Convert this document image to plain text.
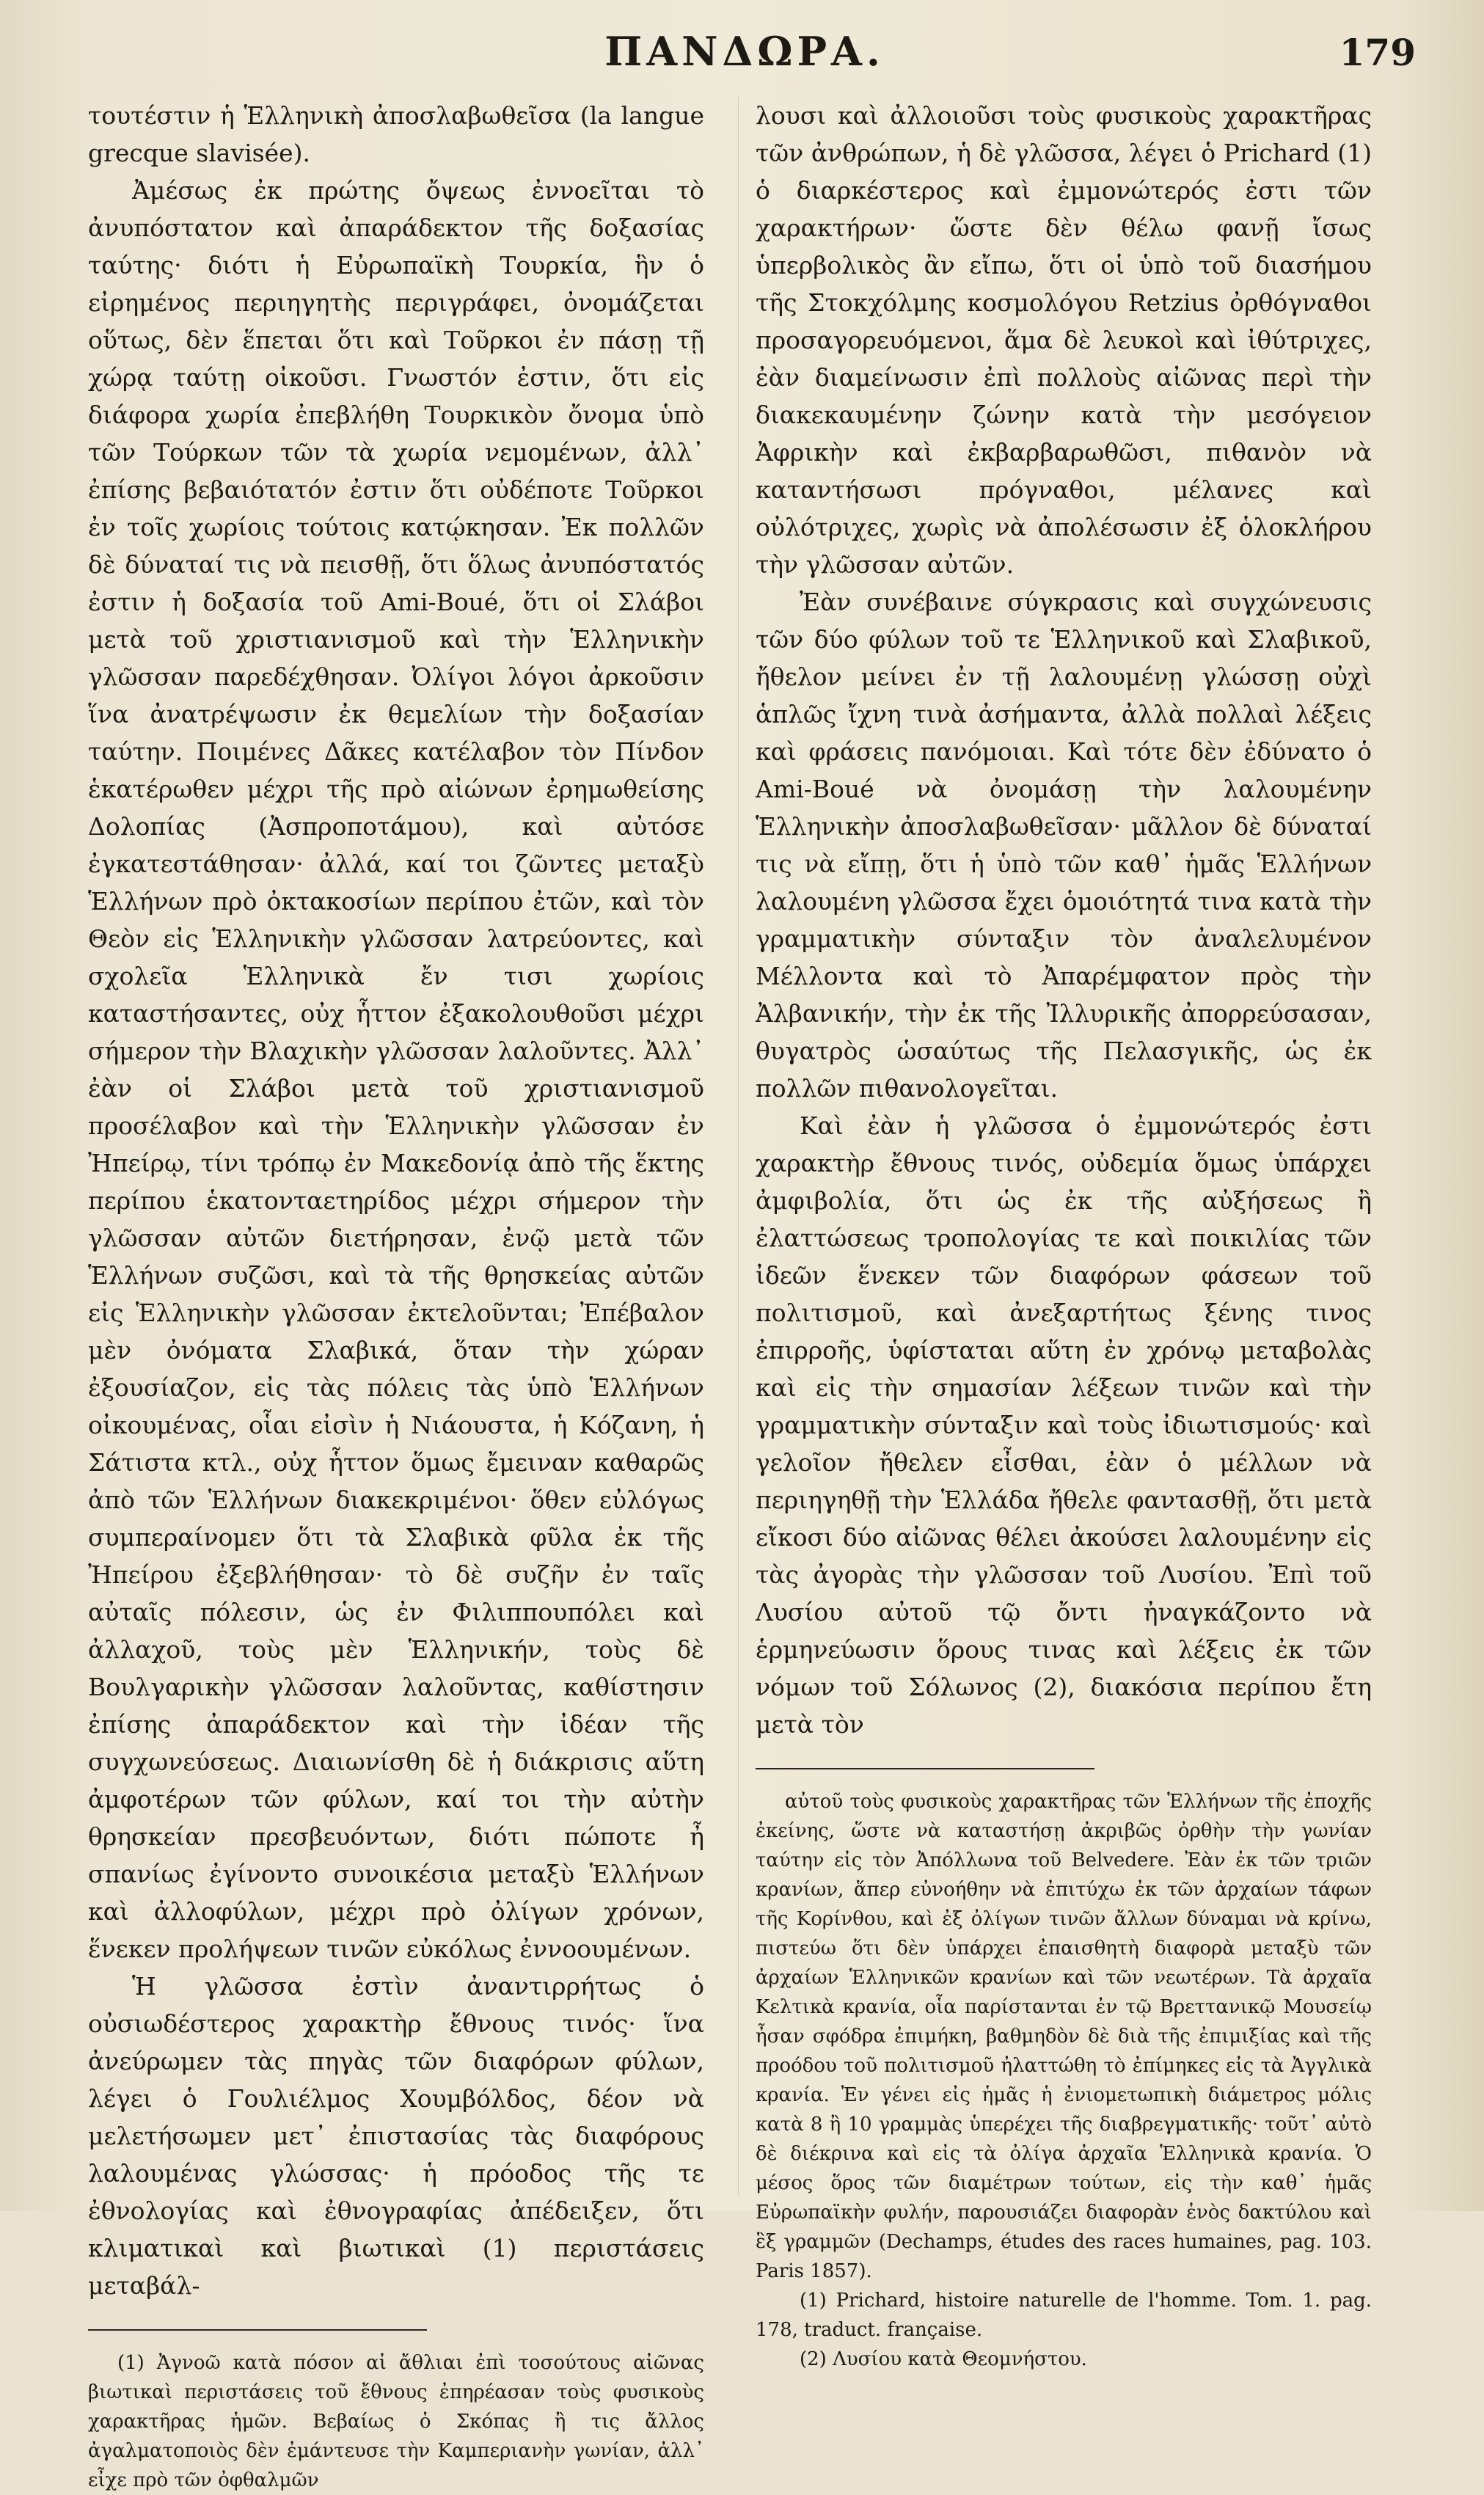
ΠΑΝΔΩΡΑ.	179

τουτέστιν ἡ Ἑλληνικὴ ἀποσλαβωθεῖσα (la langue grecque slavisée).

Ἀμέσως ἐκ πρώτης ὄψεως ἐννοεῖται τὸ ἀνυπόστατον καὶ ἀπαράδεκτον τῆς δοξασίας ταύτης· διότι ἡ Εὐρωπαϊκὴ Τουρκία, ἣν ὁ εἰρημένος περιηγητὴς περιγράφει, ὀνομάζεται οὕτως, δὲν ἕπεται ὅτι καὶ Τοῦρκοι ἐν πάσῃ τῇ χώρᾳ ταύτῃ οἰκοῦσι. Γνωστόν ἐστιν, ὅτι εἰς διάφορα χωρία ἐπεβλήθη Τουρκικὸν ὄνομα ὑπὸ τῶν Τούρκων τῶν τὰ χωρία νεμομένων, ἀλλ᾽ ἐπίσης βεβαιότατόν ἐστιν ὅτι οὐδέποτε Τοῦρκοι ἐν τοῖς χωρίοις τούτοις κατῴκησαν. Ἐκ πολλῶν δὲ δύναταί τις νὰ πεισθῇ, ὅτι ὅλως ἀνυπόστατός ἐστιν ἡ δοξασία τοῦ Ami-Boué, ὅτι οἱ Σλάβοι μετὰ τοῦ χριστιανισμοῦ καὶ τὴν Ἑλληνικὴν γλῶσσαν παρεδέχθησαν. Ὀλίγοι λόγοι ἀρκοῦσιν ἵνα ἀνατρέψωσιν ἐκ θεμελίων τὴν δοξασίαν ταύτην. Ποιμένες Δᾶκες κατέλαβον τὸν Πίνδον ἑκατέρωθεν μέχρι τῆς πρὸ αἰώνων ἐρημωθείσης Δολοπίας (Ἀσπροποτάμου), καὶ αὐτόσε ἐγκατεστάθησαν· ἀλλά, καί τοι ζῶντες μεταξὺ Ἑλλήνων πρὸ ὀκτακοσίων περίπου ἐτῶν, καὶ τὸν Θεὸν εἰς Ἑλληνικὴν γλῶσσαν λατρεύοντες, καὶ σχολεῖα Ἑλληνικὰ ἔν τισι χωρίοις καταστήσαντες, οὐχ ἧττον ἐξακολουθοῦσι μέχρι σήμερον τὴν Βλαχικὴν γλῶσσαν λαλοῦντες. Ἀλλ᾽ ἐὰν οἱ Σλάβοι μετὰ τοῦ χριστιανισμοῦ προσέλαβον καὶ τὴν Ἑλληνικὴν γλῶσσαν ἐν Ἠπείρῳ, τίνι τρόπῳ ἐν Μακεδονίᾳ ἀπὸ τῆς ἕκτης περίπου ἑκατονταετηρίδος μέχρι σήμερον τὴν γλῶσσαν αὐτῶν διετήρησαν, ἐνῷ μετὰ τῶν Ἑλλήνων συζῶσι, καὶ τὰ τῆς θρησκείας αὐτῶν εἰς Ἑλληνικὴν γλῶσσαν ἐκτελοῦνται; Ἐπέβαλον μὲν ὀνόματα Σλαβικά, ὅταν τὴν χώραν ἐξουσίαζον, εἰς τὰς πόλεις τὰς ὑπὸ Ἑλλήνων οἰκουμένας, οἷαι εἰσὶν ἡ Νιάουστα, ἡ Κόζανη, ἡ Σάτιστα κτλ., οὐχ ἧττον ὅμως ἔμειναν καθαρῶς ἀπὸ τῶν Ἑλλήνων διακεκριμένοι· ὅθεν εὐλόγως συμπεραίνομεν ὅτι τὰ Σλαβικὰ φῦλα ἐκ τῆς Ἠπείρου ἐξεβλήθησαν· τὸ δὲ συζῆν ἐν ταῖς αὐταῖς πόλεσιν, ὡς ἐν Φιλιππουπόλει καὶ ἀλλαχοῦ, τοὺς μὲν Ἑλληνικήν, τοὺς δὲ Βουλγαρικὴν γλῶσσαν λαλοῦντας, καθίστησιν ἐπίσης ἀπαράδεκτον καὶ τὴν ἰδέαν τῆς συγχωνεύσεως. Διαιωνίσθη δὲ ἡ διάκρισις αὕτη ἀμφοτέρων τῶν φύλων, καί τοι τὴν αὐτὴν θρησκείαν πρεσβευόντων, διότι πώποτε ἦ σπανίως ἐγίνοντο συνοικέσια μεταξὺ Ἑλλήνων καὶ ἀλλοφύλων, μέχρι πρὸ ὀλίγων χρόνων, ἕνεκεν προλήψεων τινῶν εὐκόλως ἐννοουμένων.

Ἡ γλῶσσα ἐστὶν ἀναντιρρήτως ὁ οὐσιωδέστερος χαρακτὴρ ἔθνους τινός· ἵνα ἀνεύρωμεν τὰς πηγὰς τῶν διαφόρων φύλων, λέγει ὁ Γουλιέλμος Χουμβόλδος, δέον νὰ μελετήσωμεν μετ᾽ ἐπιστασίας τὰς διαφόρους λαλουμένας γλώσσας· ἡ πρόοδος τῆς τε ἐθνολογίας καὶ ἐθνογραφίας ἀπέδειξεν, ὅτι κλιματικαὶ καὶ βιωτικαὶ (1) περιστάσεις μεταβάλ-

(1) Ἀγνοῶ κατὰ πόσον αἱ ἄθλιαι ἐπὶ τοσούτους αἰῶνας βιωτικαὶ περιστάσεις τοῦ ἔθνους ἐπηρέασαν τοὺς φυσικοὺς χαρακτῆρας ἡμῶν. Βεβαίως ὁ Σκόπας ἢ τις ἄλλος ἀγαλματοποιὸς δὲν ἐμάντευσε τὴν Καμπεριανὴν γωνίαν, ἀλλ᾽ εἶχε πρὸ τῶν ὀφθαλμῶν

λουσι καὶ ἀλλοιοῦσι τοὺς φυσικοὺς χαρακτῆρας τῶν ἀνθρώπων, ἡ δὲ γλῶσσα, λέγει ὁ Prichard (1) ὁ διαρκέστερος καὶ ἐμμονώτερός ἐστι τῶν χαρακτήρων· ὥστε δὲν θέλω φανῇ ἴσως ὑπερβολικὸς ἂν εἴπω, ὅτι οἱ ὑπὸ τοῦ διασήμου τῆς Στοκχόλμης κοσμολόγου Retzius ὀρθόγναθοι προσαγορευόμενοι, ἅμα δὲ λευκοὶ καὶ ἰθύτριχες, ἐὰν διαμείνωσιν ἐπὶ πολλοὺς αἰῶνας περὶ τὴν διακεκαυμένην ζώνην κατὰ τὴν μεσόγειον Ἀφρικὴν καὶ ἐκβαρβαρωθῶσι, πιθανὸν νὰ καταντήσωσι πρόγναθοι, μέλανες καὶ οὐλότριχες, χωρὶς νὰ ἀπολέσωσιν ἐξ ὁλοκλήρου τὴν γλῶσσαν αὐτῶν.

Ἐὰν συνέβαινε σύγκρασις καὶ συγχώνευσις τῶν δύο φύλων τοῦ τε Ἑλληνικοῦ καὶ Σλαβικοῦ, ἤθελον μείνει ἐν τῇ λαλουμένῃ γλώσσῃ οὐχὶ ἁπλῶς ἴχνη τινὰ ἀσήμαντα, ἀλλὰ πολλαὶ λέξεις καὶ φράσεις πανόμοιαι. Καὶ τότε δὲν ἐδύνατο ὁ Ami-Boué νὰ ὀνομάσῃ τὴν λαλουμένην Ἑλληνικὴν ἀποσλαβωθεῖσαν· μᾶλλον δὲ δύναταί τις νὰ εἴπῃ, ὅτι ἡ ὑπὸ τῶν καθ᾽ ἡμᾶς Ἑλλήνων λαλουμένη γλῶσσα ἔχει ὁμοιότητά τινα κατὰ τὴν γραμματικὴν σύνταξιν τὸν ἀναλελυμένον Μέλλοντα καὶ τὸ Ἀπαρέμφατον πρὸς τὴν Ἀλβανικήν, τὴν ἐκ τῆς Ἰλλυρικῆς ἀπορρεύσασαν, θυγατρὸς ὡσαύτως τῆς Πελασγικῆς, ὡς ἐκ πολλῶν πιθανολογεῖται.

Καὶ ἐὰν ἡ γλῶσσα ὁ ἐμμονώτερός ἐστι χαρακτὴρ ἔθνους τινός, οὐδεμία ὅμως ὑπάρχει ἀμφιβολία, ὅτι ὡς ἐκ τῆς αὐξήσεως ἢ ἐλαττώσεως τροπολογίας τε καὶ ποικιλίας τῶν ἰδεῶν ἕνεκεν τῶν διαφόρων φάσεων τοῦ πολιτισμοῦ, καὶ ἀνεξαρτήτως ξένης τινος ἐπιρροῆς, ὑφίσταται αὕτη ἐν χρόνῳ μεταβολὰς καὶ εἰς τὴν σημασίαν λέξεων τινῶν καὶ τὴν γραμματικὴν σύνταξιν καὶ τοὺς ἰδιωτισμούς· καὶ γελοῖον ἤθελεν εἶσθαι, ἐὰν ὁ μέλλων νὰ περιηγηθῇ τὴν Ἑλλάδα ἤθελε φαντασθῇ, ὅτι μετὰ εἴκοσι δύο αἰῶνας θέλει ἀκούσει λαλουμένην εἰς τὰς ἀγορὰς τὴν γλῶσσαν τοῦ Λυσίου. Ἐπὶ τοῦ Λυσίου αὐτοῦ τῷ ὄντι ἠναγκάζοντο νὰ ἑρμηνεύωσιν ὅρους τινας καὶ λέξεις ἐκ τῶν νόμων τοῦ Σόλωνος (2), διακόσια περίπου ἔτη μετὰ τὸν

αὐτοῦ τοὺς φυσικοὺς χαρακτῆρας τῶν Ἑλλήνων τῆς ἐποχῆς ἐκείνης, ὥστε νὰ καταστήσῃ ἀκριβῶς ὀρθὴν τὴν γωνίαν ταύτην εἰς τὸν Ἀπόλλωνα τοῦ Belvedere. Ἐὰν ἐκ τῶν τριῶν κρανίων, ἅπερ εὐνοήθην νὰ ἐπιτύχω ἐκ τῶν ἀρχαίων τάφων τῆς Κορίνθου, καὶ ἐξ ὀλίγων τινῶν ἄλλων δύναμαι νὰ κρίνω, πιστεύω ὅτι δὲν ὑπάρχει ἐπαισθητὴ διαφορὰ μεταξὺ τῶν ἀρχαίων Ἑλληνικῶν κρανίων καὶ τῶν νεωτέρων. Τὰ ἀρχαῖα Κελτικὰ κρανία, οἷα παρίστανται ἐν τῷ Βρεττανικῷ Μουσείῳ ἦσαν σφόδρα ἐπιμήκη, βαθμηδὸν δὲ διὰ τῆς ἐπιμιξίας καὶ τῆς προόδου τοῦ πολιτισμοῦ ἠλαττώθη τὸ ἐπίμηκες εἰς τὰ Ἀγγλικὰ κρανία. Ἐν γένει εἰς ἡμᾶς ἡ ἐνιομετωπικὴ διάμετρος μόλις κατὰ 8 ἢ 10 γραμμὰς ὑπερέχει τῆς διαβρεγματικῆς· τοῦτ᾽ αὐτὸ δὲ διέκρινα καὶ εἰς τὰ ὀλίγα ἀρχαῖα Ἑλληνικὰ κρανία. Ὁ μέσος ὅρος τῶν διαμέτρων τούτων, εἰς τὴν καθ᾽ ἡμᾶς Εὐρωπαϊκὴν φυλήν, παρουσιάζει διαφορὰν ἑνὸς δακτύλου καὶ ἓξ γραμμῶν (Dechamps, études des races humaines, pag. 103. Paris 1857).

(1) Prichard, histoire naturelle de l'homme. Tom. 1. pag. 178, traduct. française.

(2) Λυσίου κατὰ Θεομνήστου.
